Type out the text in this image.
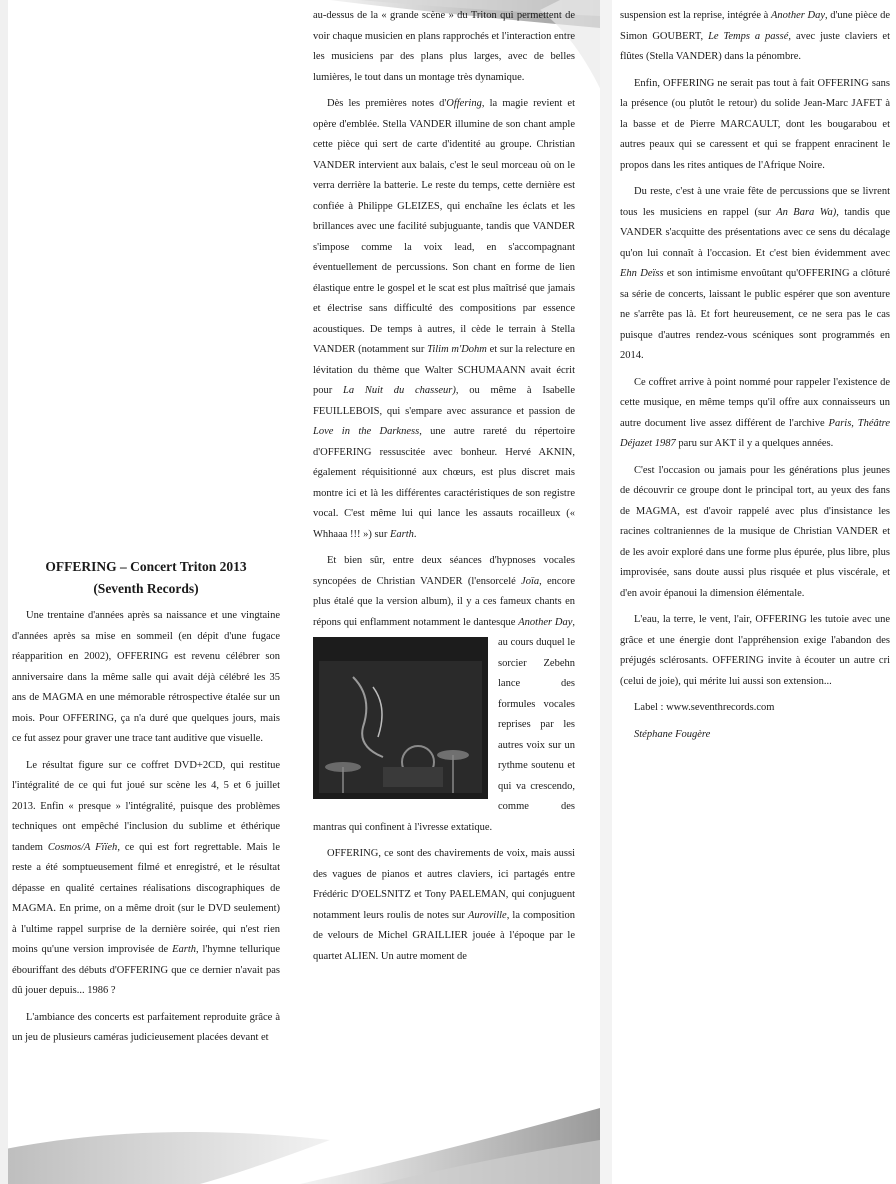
OFFERING – Concert Triton 2013
(Seventh Records)

Une trentaine d'années après sa naissance et une vingtaine d'années après sa mise en sommeil (en dépit d'une fugace réapparition en 2002), OFFERING est revenu célébrer son anniversaire dans la même salle qui avait déjà célébré les 35 ans de MAGMA en une mémorable rétrospective étalée sur un mois. Pour OFFERING, ça n'a duré que quelques jours, mais ce fut assez pour graver une trace tant auditive que visuelle.

Le résultat figure sur ce coffret DVD+2CD, qui restitue l'intégralité de ce qui fut joué sur scène les 4, 5 et 6 juillet 2013. Enfin « presque » l'intégralité, puisque des problèmes techniques ont empêché l'inclusion du sublime et éthérique tandem Cosmos/A Fïïeh, ce qui est fort regrettable. Mais le reste a été somptueusement filmé et enregistré, et le résultat dépasse en qualité certaines réalisations discographiques de MAGMA. En prime, on a même droit (sur le DVD seulement) à l'ultime rappel surprise de la dernière soirée, qui n'est rien moins qu'une version improvisée de Earth, l'hymne tellurique ébouriffant des débuts d'OFFERING que ce dernier n'avait pas dû jouer depuis... 1986 ?

L'ambiance des concerts est parfaitement reproduite grâce à un jeu de plusieurs caméras judicieusement placées devant et

au-dessus de la « grande scène » du Triton qui permettent de voir chaque musicien en plans rapprochés et l'interaction entre les musiciens par des plans plus larges, avec de belles lumières, le tout dans un montage très dynamique.

Dès les premières notes d'Offering, la magie revient et opère d'emblée. Stella VANDER illumine de son chant ample cette pièce qui sert de carte d'identité au groupe. Christian VANDER intervient aux balais, c'est le seul morceau où on le verra derrière la batterie. Le reste du temps, cette dernière est confiée à Philippe GLEIZES, qui enchaîne les éclats et les brillances avec une facilité subjuguante, tandis que VANDER s'impose comme la voix lead, en s'accompagnant éventuellement de percussions. Son chant en forme de lien élastique entre le gospel et le scat est plus maîtrisé que jamais et électrise sans difficulté des compositions par essence acoustiques. De temps à autres, il cède le terrain à Stella VANDER (notamment sur Tilim m'Dohm et sur la relecture en lévitation du thème que Walter SCHUMAANN avait écrit pour La Nuit du chasseur), ou même à Isabelle FEUILLEBOIS, qui s'empare avec assurance et passion de Love in the Darkness, une autre rareté du répertoire d'OFFERING ressuscitée avec bonheur. Hervé AKNIN, également réquisitionné aux chœurs, est plus discret mais montre ici et là les différentes caractéristiques de son registre vocal. C'est même lui qui lance les assauts rocailleux (« Whhaaa !!! ») sur Earth.

Et bien sûr, entre deux séances d'hypnoses vocales syncopées de Christian VANDER (l'ensorcelé Joïa, encore plus étalé que la version album), il y a ces fameux chants en répons qui enflamment notamment le dantesque
Another Day, au cours duquel le sorcier Zebehn lance des formules vocales reprises par les autres voix sur un rythme soutenu et qui va crescendo, comme des mantras qui confinent à l'ivresse extatique.

OFFERING, ce sont des chavirements de voix, mais aussi des vagues de pianos et autres claviers, ici partagés entre Frédéric D'OELSNITZ et Tony PAELEMAN, qui conjuguent notamment leurs roulis de notes sur Auroville, la composition de velours de Michel GRAILLIER jouée à l'époque par le quartet ALIEN. Un autre moment de

suspension est la reprise, intégrée à Another Day, d'une pièce de Simon GOUBERT, Le Temps a passé, avec juste claviers et flûtes (Stella VANDER) dans la pénombre.

Enfin, OFFERING ne serait pas tout à fait OFFERING sans la présence (ou plutôt le retour) du solide Jean-Marc JAFET à la basse et de Pierre MARCAULT, dont les bougarabou et autres peaux qui se caressent et qui se frappent enracinent le propos dans les rites antiques de l'Afrique Noire.

Du reste, c'est à une vraie fête de percussions que se livrent tous les musiciens en rappel (sur An Bara Wa), tandis que VANDER s'acquitte des présentations avec ce sens du décalage qu'on lui connaît à l'occasion. Et c'est bien évidemment avec Ehn Deïss et son intimisme envoûtant qu'OFFERING a clôturé sa série de concerts, laissant le public espérer que son aventure ne s'arrête pas là. Et fort heureusement, ce ne sera pas le cas puisque d'autres rendez-vous scéniques sont programmés en 2014.

Ce coffret arrive à point nommé pour rappeler l'existence de cette musique, en même temps qu'il offre aux connaisseurs un autre document live assez différent de l'archive Paris, Théâtre Déjazet 1987 paru sur AKT il y a quelques années.

C'est l'occasion ou jamais pour les générations plus jeunes de découvrir ce groupe dont le principal tort, au yeux des fans de MAGMA, est d'avoir rappelé avec plus d'insistance les racines coltraniennes de la musique de Christian VANDER et de les avoir exploré dans une forme plus épurée, plus libre, plus improvisée, sans doute aussi plus risquée et plus viscérale, et d'en avoir épanoui la dimension élémentale.

L'eau, la terre, le vent, l'air, OFFERING les tutoie avec une grâce et une énergie dont l'appréhension exige l'abandon des préjugés sclérosants. OFFERING invite à écouter un autre cri (celui de joie), qui mérite lui aussi son extension...

Label : www.seventhrecords.com

Stéphane Fougère
